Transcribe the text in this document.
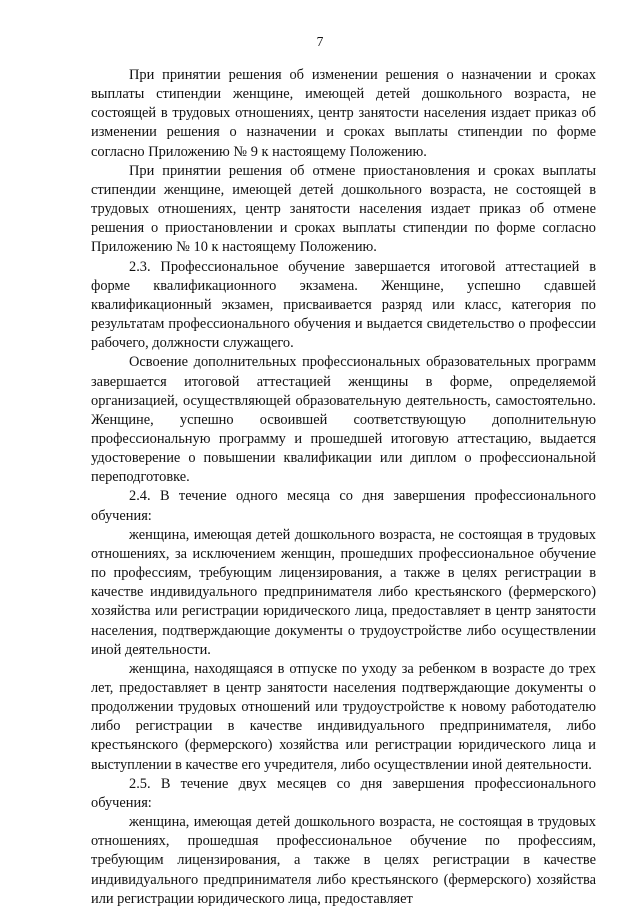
7

При принятии решения об изменении решения о назначении и сроках выплаты стипендии женщине, имеющей детей дошкольного возраста, не состоящей в трудовых отношениях, центр занятости населения издает приказ об изменении решения о назначении и сроках выплаты стипендии по форме согласно Приложению № 9 к настоящему Положению.

При принятии решения об отмене приостановления и сроках выплаты стипендии женщине, имеющей детей дошкольного возраста, не состоящей в трудовых отношениях, центр занятости населения издает приказ об отмене решения о приостановлении и сроках выплаты стипендии по форме согласно Приложению № 10 к настоящему Положению.

2.3. Профессиональное обучение завершается итоговой аттестацией в форме квалификационного экзамена. Женщине, успешно сдавшей квалификационный экзамен, присваивается разряд или класс, категория по результатам профессионального обучения и выдается свидетельство о профессии рабочего, должности служащего.

Освоение дополнительных профессиональных образовательных программ завершается итоговой аттестацией женщины в форме, определяемой организацией, осуществляющей образовательную деятельность, самостоятельно. Женщине, успешно освоившей соответствующую дополнительную профессиональную программу и прошедшей итоговую аттестацию, выдается удостоверение о повышении квалификации или диплом о профессиональной переподготовке.

2.4. В течение одного месяца со дня завершения профессионального обучения:

женщина, имеющая детей дошкольного возраста, не состоящая в трудовых отношениях, за исключением женщин, прошедших профессиональное обучение по профессиям, требующим лицензирования, а также в целях регистрации в качестве индивидуального предпринимателя либо крестьянского (фермерского) хозяйства или регистрации юридического лица, предоставляет в центр занятости населения, подтверждающие документы о трудоустройстве либо осуществлении иной деятельности.

женщина, находящаяся в отпуске по уходу за ребенком в возрасте до трех лет, предоставляет в центр занятости населения подтверждающие документы о продолжении трудовых отношений или трудоустройстве к новому работодателю либо регистрации в качестве индивидуального предпринимателя, либо крестьянского (фермерского) хозяйства или регистрации юридического лица и выступлении в качестве его учредителя, либо осуществлении иной деятельности.

2.5. В течение двух месяцев со дня завершения профессионального обучения:

женщина, имеющая детей дошкольного возраста, не состоящая в трудовых отношениях, прошедшая профессиональное обучение по профессиям, требующим лицензирования, а также в целях регистрации в качестве индивидуального предпринимателя либо крестьянского (фермерского) хозяйства или регистрации юридического лица, предоставляет
